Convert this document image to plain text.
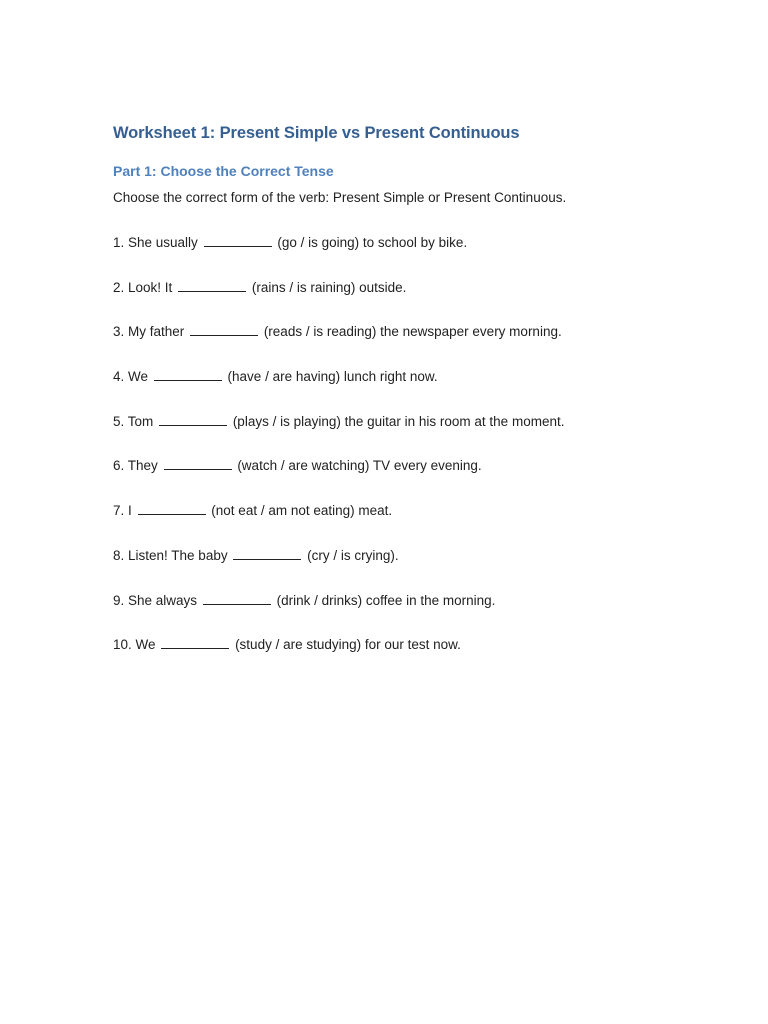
Worksheet 1: Present Simple vs Present Continuous
Part 1: Choose the Correct Tense

Choose the correct form of the verb: Present Simple or Present Continuous.

1. She usually	(go / is going) to school by bike.
2. Look! It	(rains / is raining) outside.
3. My father	(reads / is reading) the newspaper every morning.
4. We	(have / are having) lunch right now.
5. Tom	(plays / is playing) the guitar in his room at the moment.
6. They	(watch / are watching) TV every evening.
7. I	(not eat / am not eating) meat.
8. Listen! The baby	(cry / is crying).
9. She always	(drink / drinks) coffee in the morning.
10. We	(study / are studying) for our test now.
